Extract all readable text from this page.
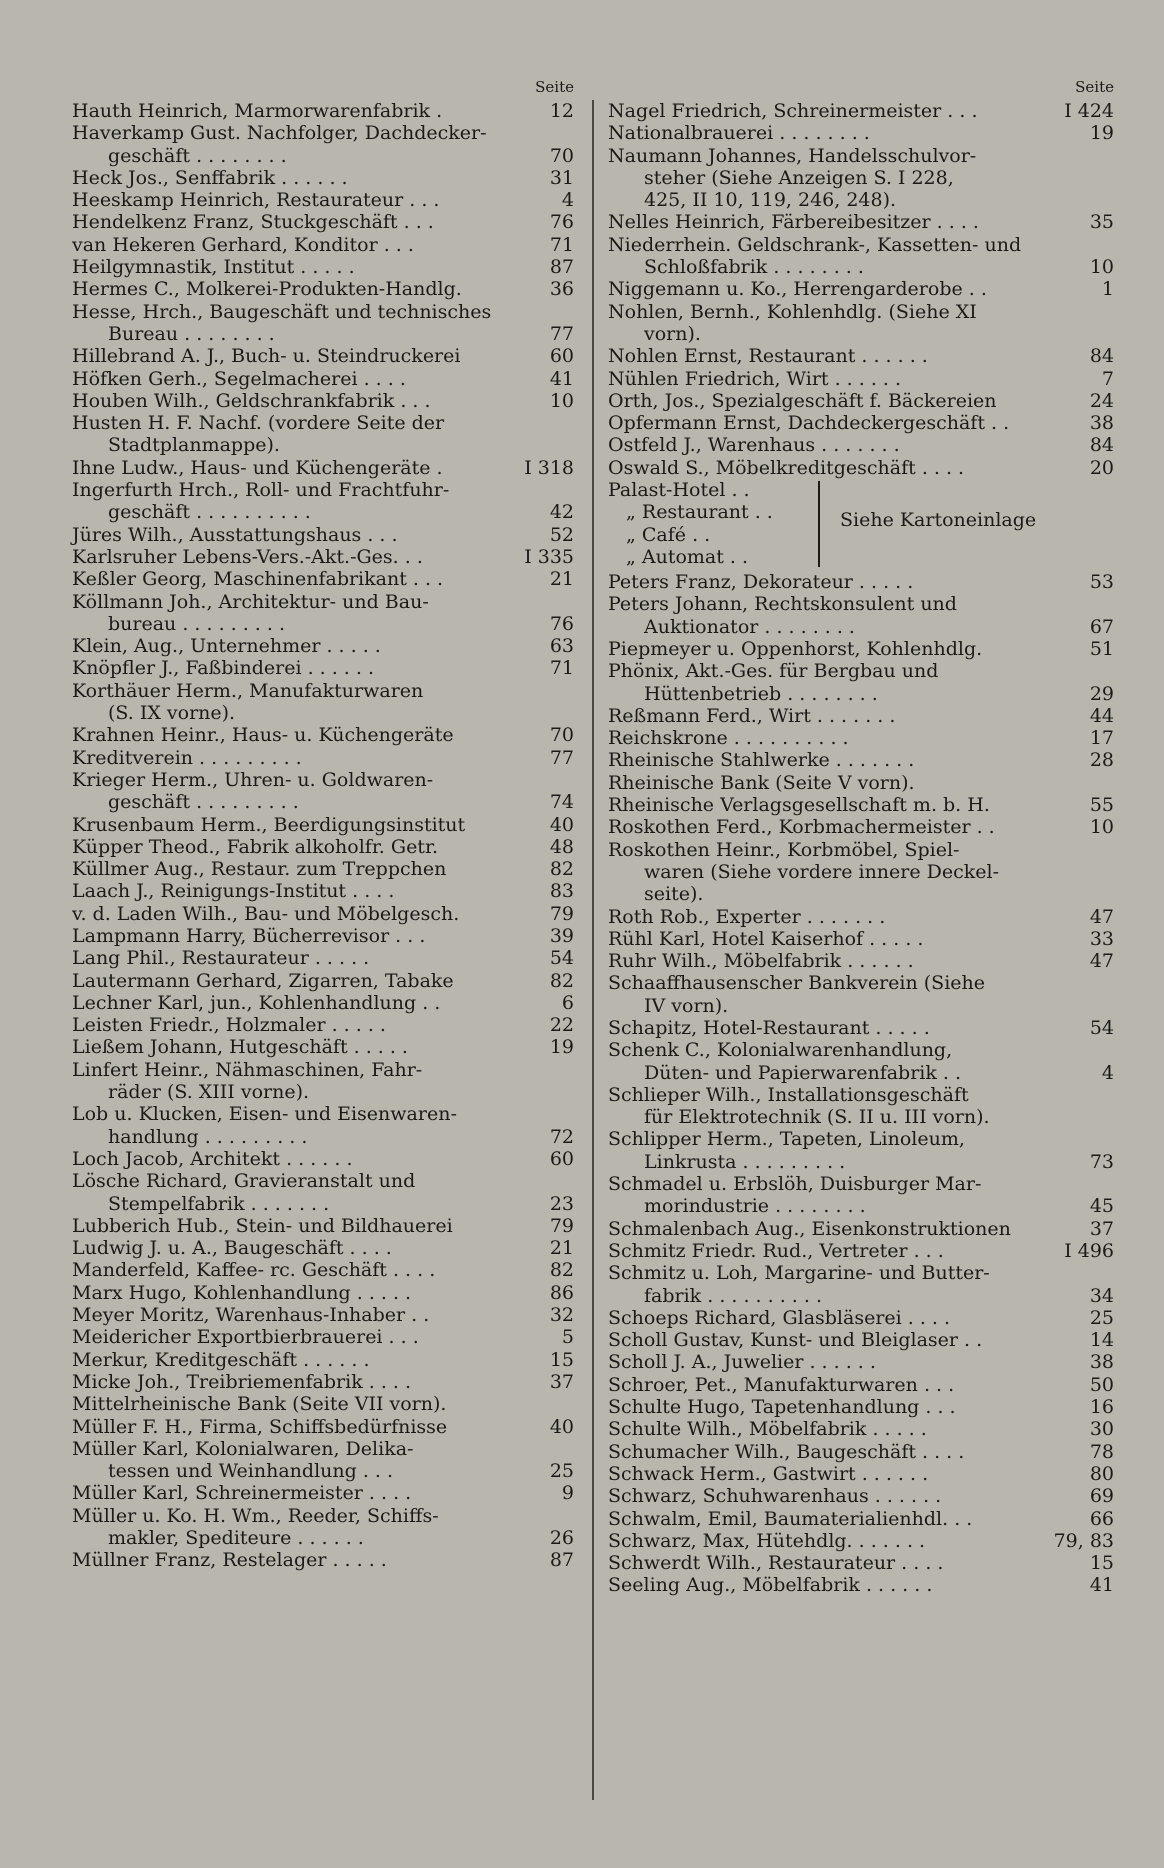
Seite
Hauth Heinrich, Marmorwarenfabrik .	12
Haverkamp Gust. Nachfolger, Dachdecker-
geschäft . . . . . . . .	70
Heck Jos., Senffabrik . . . . . .	31
Heeskamp Heinrich, Restaurateur . . .	4
Hendelkenz Franz, Stuckgeschäft . . .	76
van Hekeren Gerhard, Konditor . . .	71
Heilgymnastik, Institut . . . . .	87
Hermes C., Molkerei-Produkten-Handlg.	36
Hesse, Hrch., Baugeschäft und technisches
Bureau . . . . . . . .	77
Hillebrand A. J., Buch- u. Steindruckerei	60
Höfken Gerh., Segelmacherei . . . .	41
Houben Wilh., Geldschrankfabrik . . .	10
Husten H. F. Nachf. (vordere Seite der
Stadtplanmappe).
Ihne Ludw., Haus- und Küchengeräte .	I 318
Ingerfurth Hrch., Roll- und Frachtfuhr-
geschäft . . . . . . . . . .	42
Jüres Wilh., Ausstattungshaus . . .	52
Karlsruher Lebens-Vers.-Akt.-Ges. . .	I 335
Keßler Georg, Maschinenfabrikant . . .	21
Köllmann Joh., Architektur- und Bau-
bureau . . . . . . . . .	76
Klein, Aug., Unternehmer . . . . .	63
Knöpfler J., Faßbinderei . . . . . .	71
Korthäuer Herm., Manufakturwaren
(S. IX vorne).
Krahnen Heinr., Haus- u. Küchengeräte	70
Kreditverein . . . . . . . . .	77
Krieger Herm., Uhren- u. Goldwaren-
geschäft . . . . . . . . .	74
Krusenbaum Herm., Beerdigungsinstitut	40
Küpper Theod., Fabrik alkoholfr. Getr.	48
Küllmer Aug., Restaur. zum Treppchen	82
Laach J., Reinigungs-Institut . . . .	83
v. d. Laden Wilh., Bau- und Möbelgesch.	79
Lampmann Harry, Bücherrevisor . . .	39
Lang Phil., Restaurateur . . . . .	54
Lautermann Gerhard, Zigarren, Tabake	82
Lechner Karl, jun., Kohlenhandlung . .	6
Leisten Friedr., Holzmaler . . . . .	22
Ließem Johann, Hutgeschäft . . . . .	19
Linfert Heinr., Nähmaschinen, Fahr-
räder (S. XIII vorne).
Lob u. Klucken, Eisen- und Eisenwaren-
handlung . . . . . . . . .	72
Loch Jacob, Architekt . . . . . .	60
Lösche Richard, Gravieranstalt und
Stempelfabrik . . . . . . .	23
Lubberich Hub., Stein- und Bildhauerei	79
Ludwig J. u. A., Baugeschäft . . . .	21
Manderfeld, Kaffee- rc. Geschäft . . . .	82
Marx Hugo, Kohlenhandlung . . . . .	86
Meyer Moritz, Warenhaus-Inhaber . .	32
Meidericher Exportbierbrauerei . . .	5
Merkur, Kreditgeschäft . . . . . .	15
Micke Joh., Treibriemenfabrik . . . .	37
Mittelrheinische Bank (Seite VII vorn).
Müller F. H., Firma, Schiffsbedürfnisse	40
Müller Karl, Kolonialwaren, Delika-
tessen und Weinhandlung . . .	25
Müller Karl, Schreinermeister . . . .	9
Müller u. Ko. H. Wm., Reeder, Schiffs-
makler, Spediteure . . . . . .	26
Müllner Franz, Restelager . . . . .	87
Seite
Nagel Friedrich, Schreinermeister . . .	I 424
Nationalbrauerei . . . . . . . .	19
Naumann Johannes, Handelsschulvor-
steher (Siehe Anzeigen S. I 228,
425, II 10, 119, 246, 248).
Nelles Heinrich, Färbereibesitzer . . . .	35
Niederrhein. Geldschrank-, Kassetten- und
Schloßfabrik . . . . . . . .	10
Niggemann u. Ko., Herrengarderobe . .	1
Nohlen, Bernh., Kohlenhdlg. (Siehe XI
vorn).
Nohlen Ernst, Restaurant . . . . . .	84
Nühlen Friedrich, Wirt . . . . . .	7
Orth, Jos., Spezialgeschäft f. Bäckereien	24
Opfermann Ernst, Dachdeckergeschäft . .	38
Ostfeld J., Warenhaus . . . . . . .	84
Oswald S., Möbelkreditgeschäft . . . .	20
Palast-Hotel . .
„ Restaurant . .
„ Café . .
„ Automat . .
Siehe Kartoneinlage
Peters Franz, Dekorateur . . . . .	53
Peters Johann, Rechtskonsulent und
Auktionator . . . . . . . .	67
Piepmeyer u. Oppenhorst, Kohlenhdlg.	51
Phönix, Akt.-Ges. für Bergbau und
Hüttenbetrieb . . . . . . . .	29
Reßmann Ferd., Wirt . . . . . . .	44
Reichskrone . . . . . . . . . .	17
Rheinische Stahlwerke . . . . . . .	28
Rheinische Bank (Seite V vorn).
Rheinische Verlagsgesellschaft m. b. H.	55
Roskothen Ferd., Korbmachermeister . .	10
Roskothen Heinr., Korbmöbel, Spiel-
waren (Siehe vordere innere Deckel-
seite).
Roth Rob., Experter . . . . . . .	47
Rühl Karl, Hotel Kaiserhof . . . . .	33
Ruhr Wilh., Möbelfabrik . . . . . .	47
Schaaffhausenscher Bankverein (Siehe
IV vorn).
Schapitz, Hotel-Restaurant . . . . .	54
Schenk C., Kolonialwarenhandlung,
Düten- und Papierwarenfabrik . .	4
Schlieper Wilh., Installationsgeschäft
für Elektrotechnik (S. II u. III vorn).
Schlipper Herm., Tapeten, Linoleum,
Linkrusta . . . . . . . . .	73
Schmadel u. Erbslöh, Duisburger Mar-
morindustrie . . . . . . . .	45
Schmalenbach Aug., Eisenkonstruktionen	37
Schmitz Friedr. Rud., Vertreter . . .	I 496
Schmitz u. Loh, Margarine- und Butter-
fabrik . . . . . . . . . .	34
Schoeps Richard, Glasbläserei . . . .	25
Scholl Gustav, Kunst- und Bleiglaser . .	14
Scholl J. A., Juwelier . . . . . .	38
Schroer, Pet., Manufakturwaren . . .	50
Schulte Hugo, Tapetenhandlung . . .	16
Schulte Wilh., Möbelfabrik . . . . .	30
Schumacher Wilh., Baugeschäft . . . .	78
Schwack Herm., Gastwirt . . . . . .	80
Schwarz, Schuhwarenhaus . . . . . .	69
Schwalm, Emil, Baumaterialienhdl. . .	66
Schwarz, Max, Hütehdlg. . . . . . .	79, 83
Schwerdt Wilh., Restaurateur . . . .	15
Seeling Aug., Möbelfabrik . . . . . .	41
